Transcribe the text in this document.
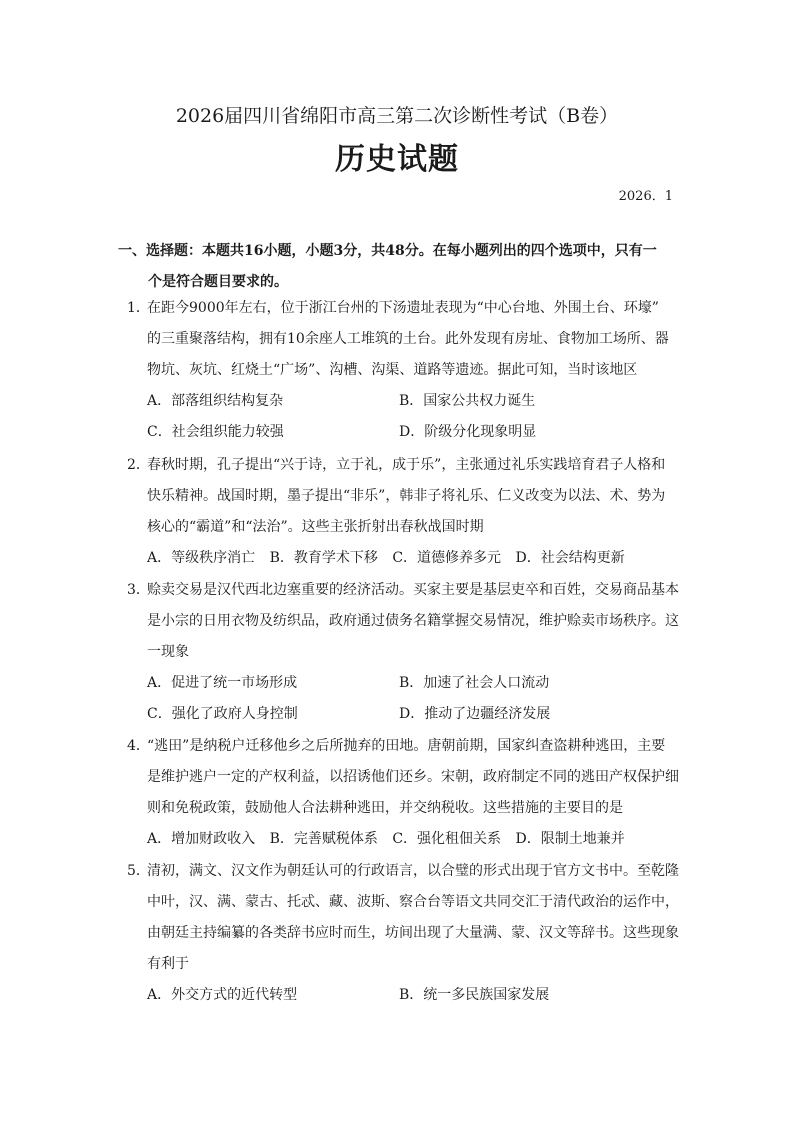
2026届四川省绵阳市高三第二次诊断性考试（B卷）
历史试题
2026．1
一、选择题：本题共16小题，小题3分，共48分。在每小题列出的四个选项中，只有一
个是符合题目要求的。
1．在距今9000年左右，位于浙江台州的下汤遗址表现为“中心台地、外围土台、环壕”
的三重聚落结构，拥有10余座人工堆筑的土台。此外发现有房址、食物加工场所、器
物坑、灰坑、红烧土“广场”、沟槽、沟渠、道路等遗迹。据此可知，当时该地区
A．部落组织结构复杂	B．国家公共权力诞生
C．社会组织能力较强	D．阶级分化现象明显
2．春秋时期，孔子提出“兴于诗，立于礼，成于乐”，主张通过礼乐实践培育君子人格和
快乐精神。战国时期，墨子提出“非乐”，韩非子将礼乐、仁义改变为以法、术、势为
核心的“霸道”和“法治”。这些主张折射出春秋战国时期
A．等级秩序消亡 B．教育学术下移 C．道德修养多元 D．社会结构更新
3．赊卖交易是汉代西北边塞重要的经济活动。买家主要是基层吏卒和百姓，交易商品基本
是小宗的日用衣物及纺织品，政府通过债务名籍掌握交易情况，维护赊卖市场秩序。这
一现象
A．促进了统一市场形成	B．加速了社会人口流动
C．强化了政府人身控制	D．推动了边疆经济发展
4．“逃田”是纳税户迁移他乡之后所抛弃的田地。唐朝前期，国家纠查盗耕种逃田，主要
是维护逃户一定的产权利益，以招诱他们还乡。宋朝，政府制定不同的逃田产权保护细
则和免税政策，鼓励他人合法耕种逃田，并交纳税收。这些措施的主要目的是
A．增加财政收入 B．完善赋税体系 C．强化租佃关系 D．限制土地兼并
5．清初，满文、汉文作为朝廷认可的行政语言，以合璧的形式出现于官方文书中。至乾隆
中叶，汉、满、蒙古、托忒、藏、波斯、察合台等语文共同交汇于清代政治的运作中，
由朝廷主持编纂的各类辞书应时而生，坊间出现了大量满、蒙、汉文等辞书。这些现象
有利于
A．外交方式的近代转型	B．统一多民族国家发展
